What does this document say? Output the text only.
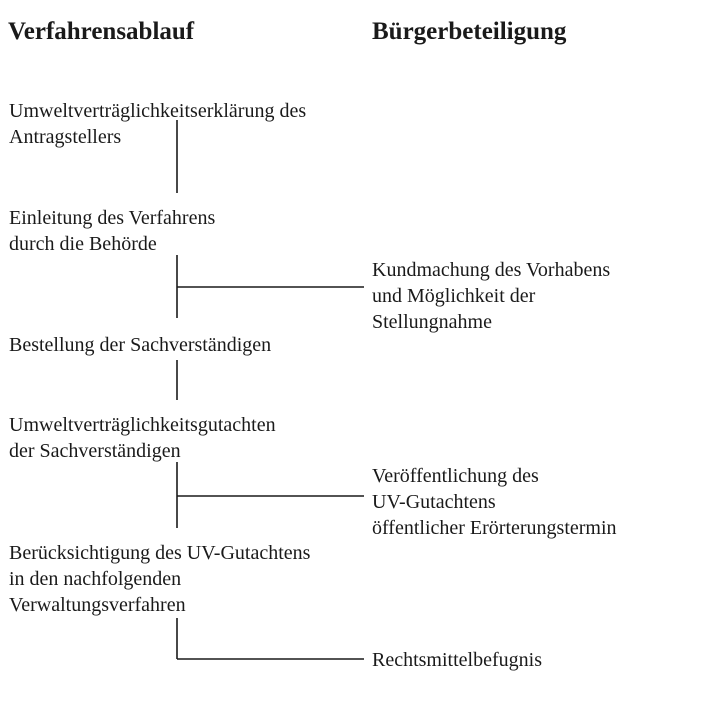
Verfahrensablauf	Bürgerbeteiligung
Umweltverträglichkeitserklärung des
Antragstellers
Einleitung des Verfahrens
durch die Behörde
Bestellung der Sachverständigen
Umweltverträglichkeitsgutachten
der Sachverständigen
Berücksichtigung des UV-Gutachtens
in den nachfolgenden
Verwaltungsverfahren
Kundmachung des Vorhabens
und Möglichkeit der
Stellungnahme
Veröffentlichung des
UV-Gutachtens
öffentlicher Erörterungstermin
Rechtsmittelbefugnis
